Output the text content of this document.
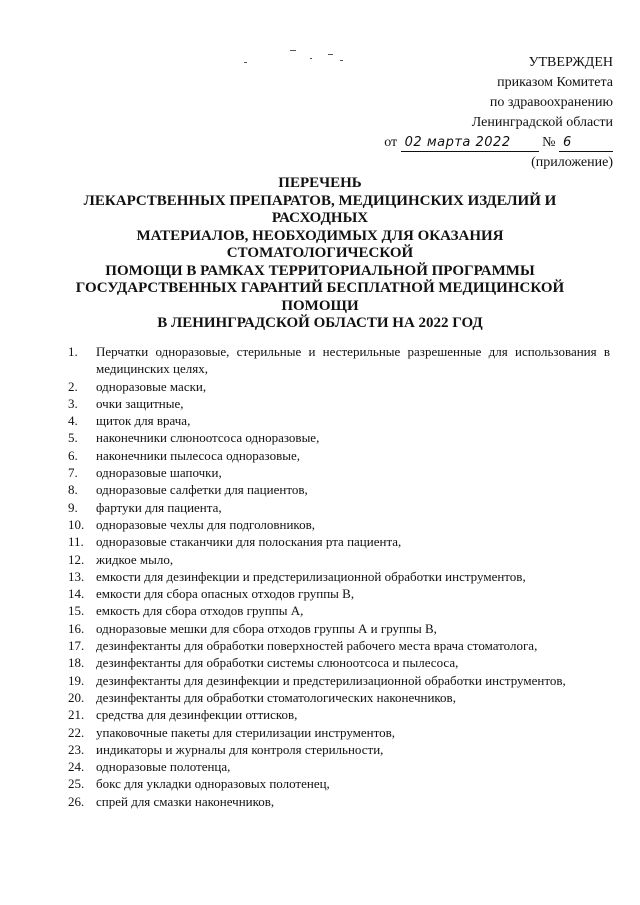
УТВЕРЖДЕН
приказом Комитета
по здравоохранению
Ленинградской области
от 02 марта 2022 № 6
(приложение)
ПЕРЕЧЕНЬ
ЛЕКАРСТВЕННЫХ ПРЕПАРАТОВ, МЕДИЦИНСКИХ ИЗДЕЛИЙ И
РАСХОДНЫХ
МАТЕРИАЛОВ, НЕОБХОДИМЫХ ДЛЯ ОКАЗАНИЯ
СТОМАТОЛОГИЧЕСКОЙ
ПОМОЩИ В РАМКАХ ТЕРРИТОРИАЛЬНОЙ ПРОГРАММЫ
ГОСУДАРСТВЕННЫХ ГАРАНТИЙ БЕСПЛАТНОЙ МЕДИЦИНСКОЙ
ПОМОЩИ
В ЛЕНИНГРАДСКОЙ ОБЛАСТИ НА 2022 ГОД
1. Перчатки одноразовые, стерильные и нестерильные разрешенные для использования в медицинских целях,
2. одноразовые маски,
3. очки защитные,
4. щиток для врача,
5. наконечники слюноотсоса одноразовые,
6. наконечники пылесоса одноразовые,
7. одноразовые шапочки,
8. одноразовые салфетки для пациентов,
9. фартуки для пациента,
10. одноразовые чехлы для подголовников,
11. одноразовые стаканчики для полоскания рта пациента,
12. жидкое мыло,
13. емкости для дезинфекции и предстерилизационной обработки инструментов,
14. емкости для сбора опасных отходов группы В,
15. емкость для сбора отходов группы А,
16. одноразовые мешки для сбора отходов группы А и группы В,
17. дезинфектанты для обработки поверхностей рабочего места врача стоматолога,
18. дезинфектанты для обработки системы слюноотсоса и пылесоса,
19. дезинфектанты для дезинфекции и предстерилизационной обработки инструментов,
20. дезинфектанты для обработки стоматологических наконечников,
21. средства для дезинфекции оттисков,
22. упаковочные пакеты для стерилизации инструментов,
23. индикаторы и журналы для контроля стерильности,
24. одноразовые полотенца,
25. бокс для укладки одноразовых полотенец,
26. спрей для смазки наконечников,
